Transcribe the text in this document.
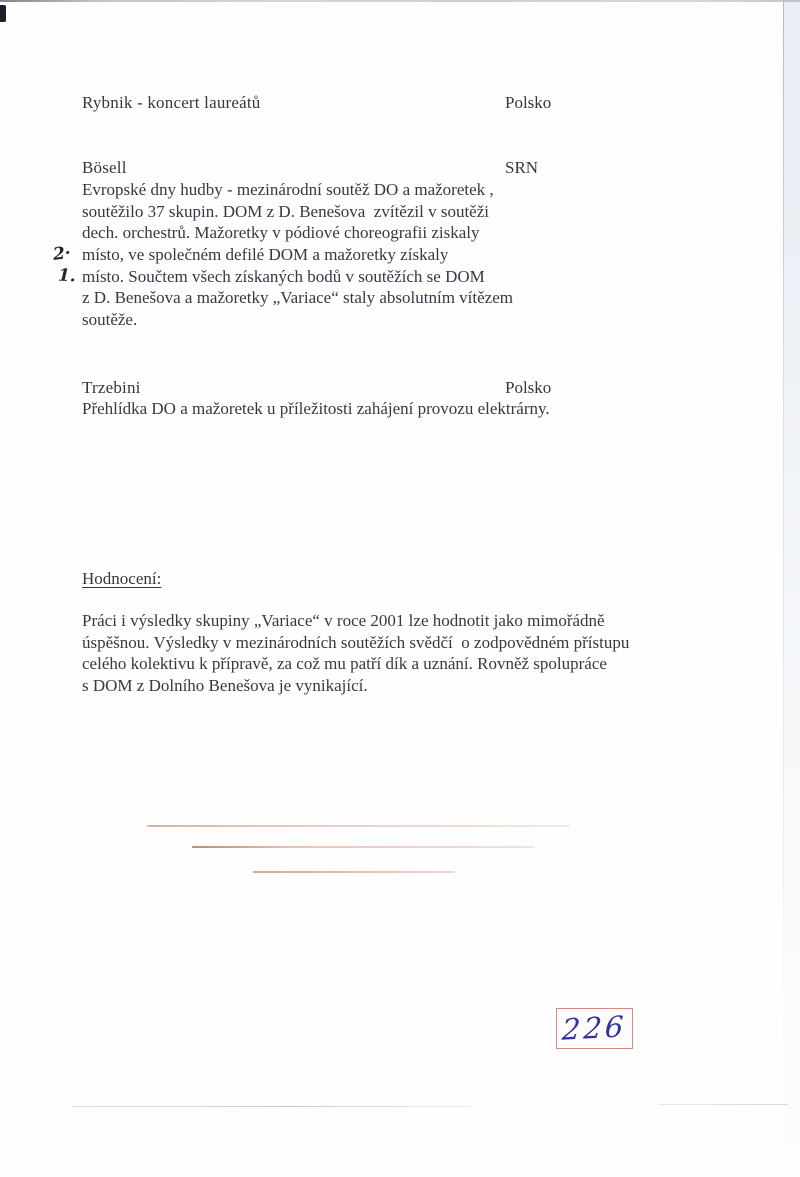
Rybnik - koncert laureátů	Polsko
Bösell	SRN
Evropské dny hudby - mezinárodní soutěž DO a mažoretek ,
soutěžilo 37 skupin. DOM z D. Benešova  zvítězil v soutěži
dech. orchestrů. Mažoretky v pódiové choreografii ziskaly
místo, ve společném defilé DOM a mažoretky získaly
místo. Součtem všech získaných bodů v soutěžích se DOM
z D. Benešova a mažoretky „Variace“ staly absolutním vítězem
soutěže.
2·
1.
Trzebini	Polsko
Přehlídka DO a mažoretek u příležitosti zahájení provozu elektrárny.
Hodnocení:
Práci i výsledky skupiny „Variace“ v roce 2001 lze hodnotit jako mimořádně
úspěšnou. Výsledky v mezinárodních soutěžích svědčí  o zodpovědném přístupu
celého kolektivu k přípravě, za což mu patří dík a uznání. Rovněž spolupráce
s DOM z Dolního Benešova je vynikající.
226
